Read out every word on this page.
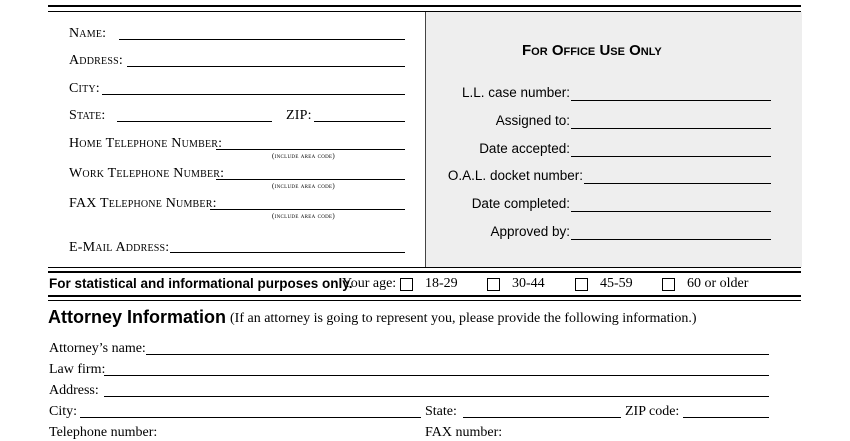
For Office Use Only
L.L. case number:
Assigned to:
Date accepted:
O.A.L. docket number:
Date completed:
Approved by:
Name:
Address:
City:
State:	ZIP:
Home Telephone Number:
(include area code)
Work Telephone Number:
(include area code)
FAX Telephone Number:
(include area code)
E-Mail Address:
For statistical and informational purposes only.
Your age: 18-29	30-44	45-59	60 or older
Attorney Information (If an attorney is going to represent you, please provide the following information.)
Attorney’s name:
Law firm:
Address:
City:	State:	ZIP code:
Telephone number:	FAX number:
